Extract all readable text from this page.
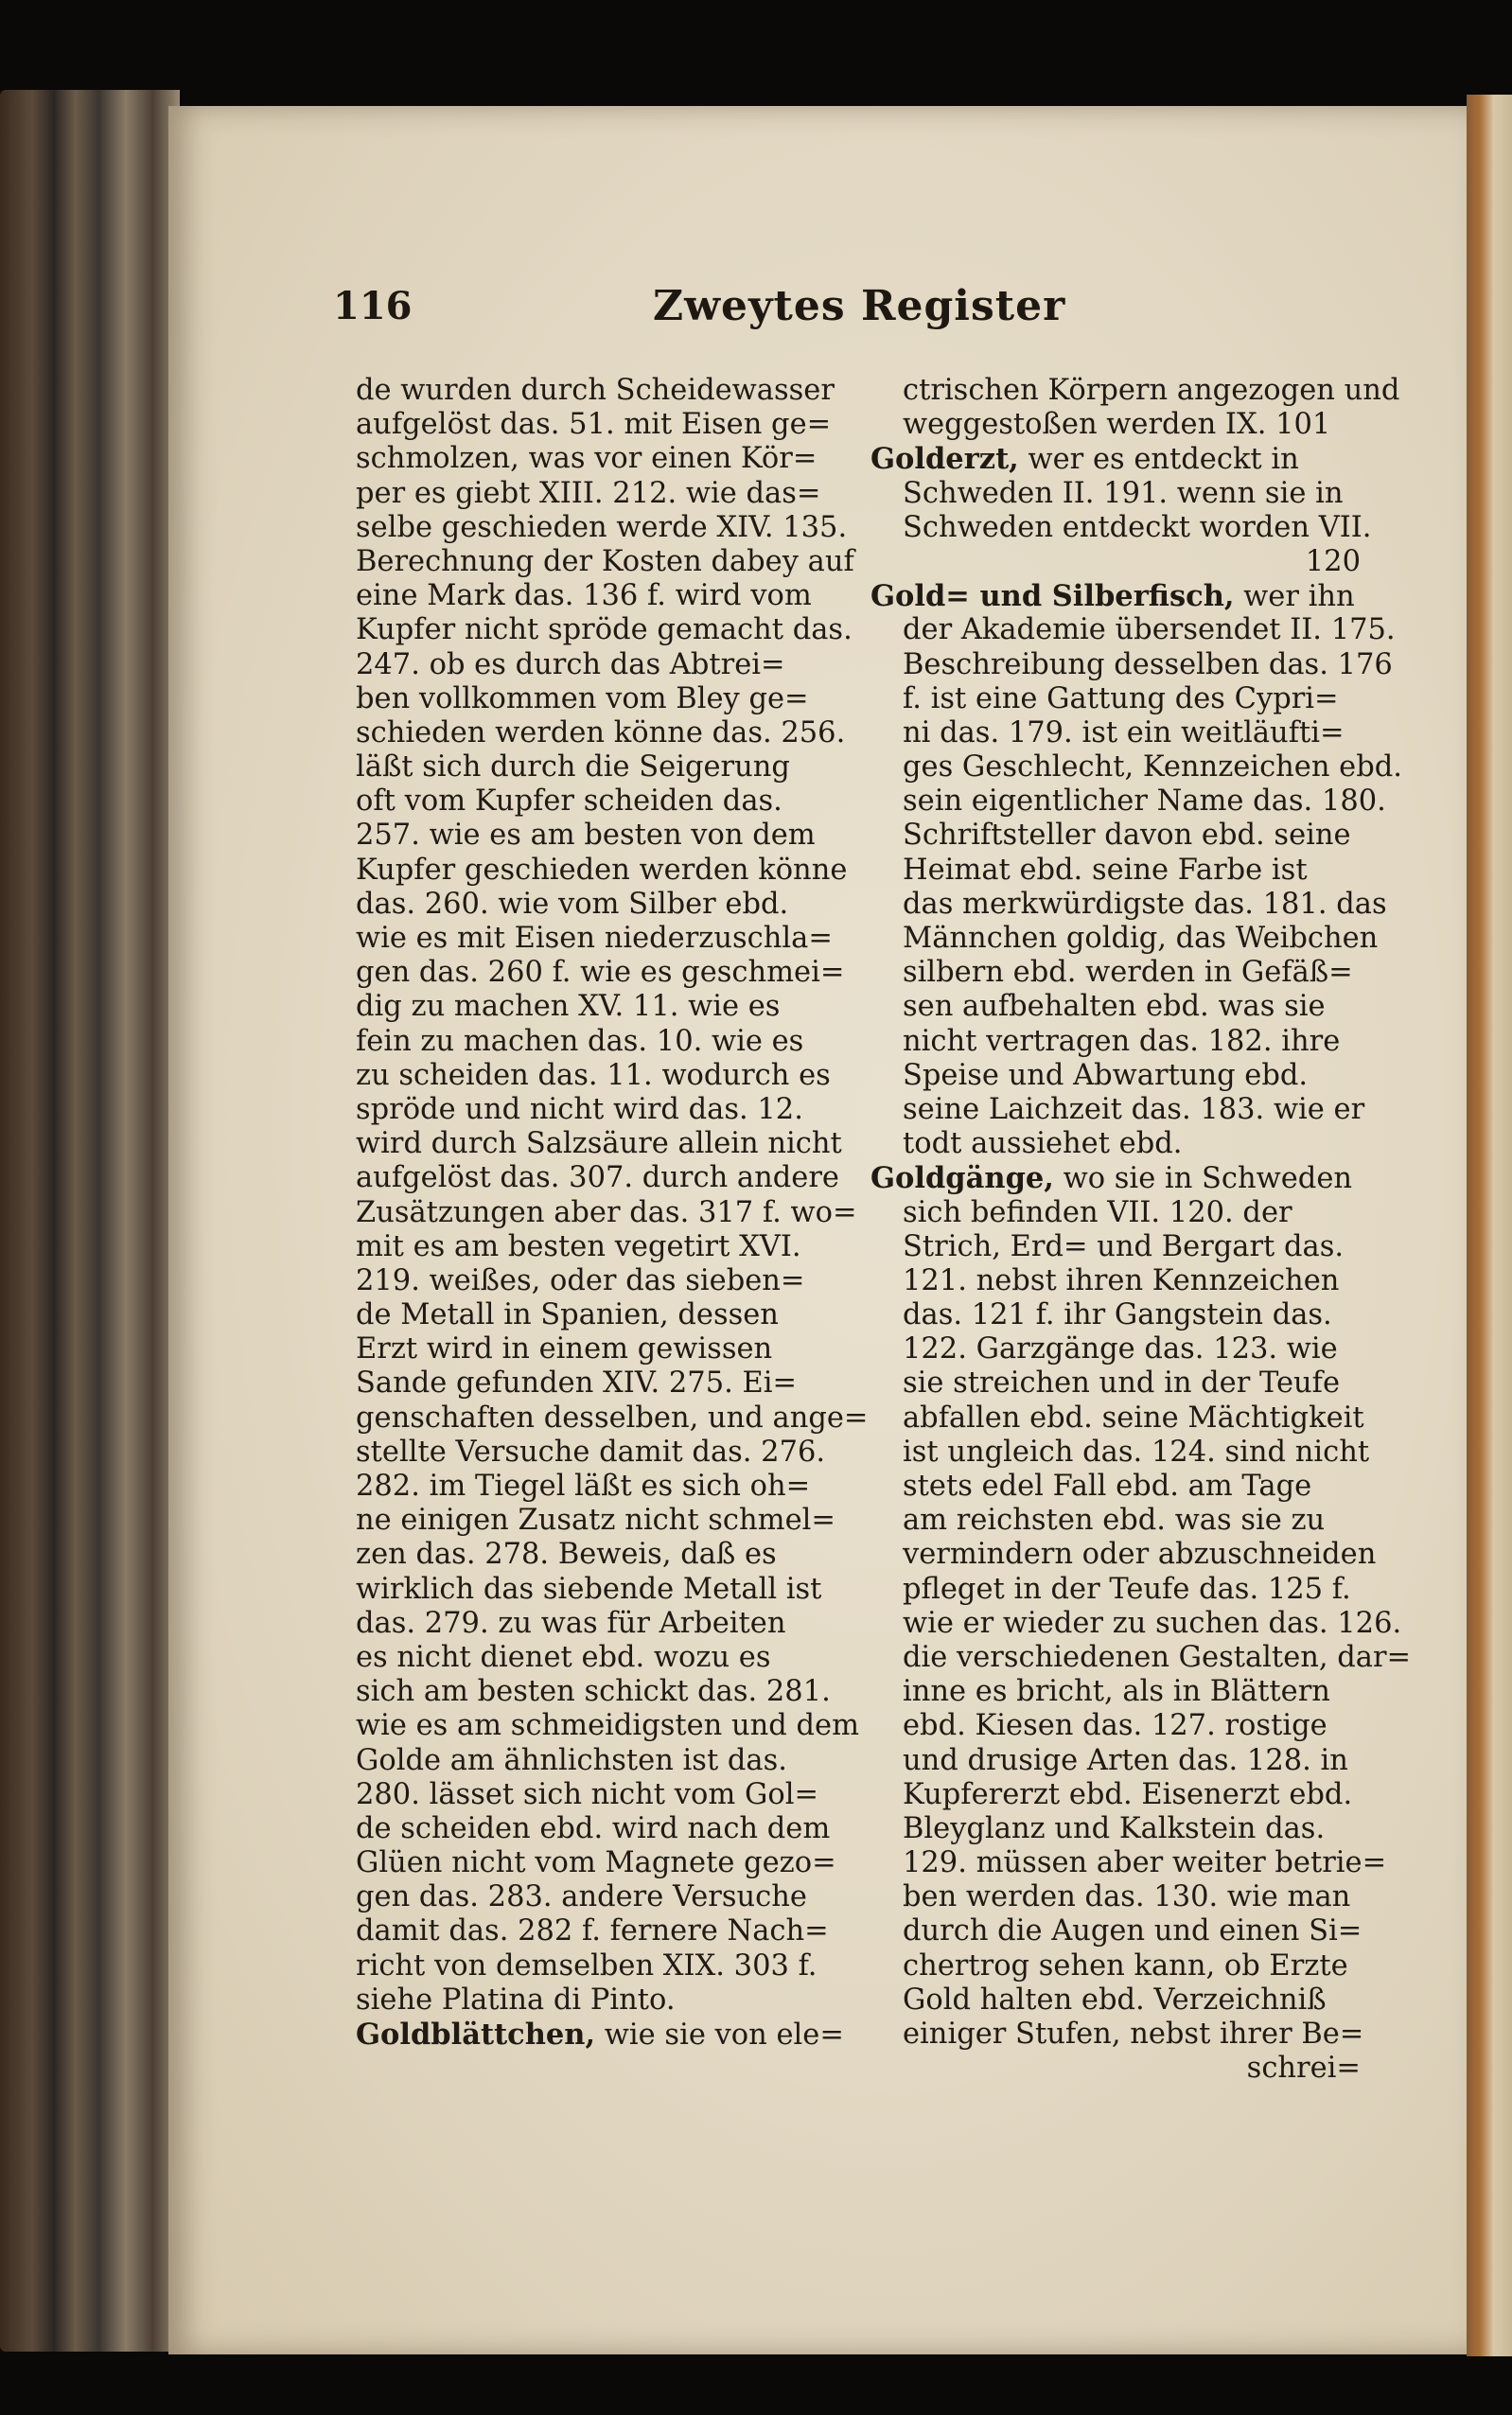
116	Zweytes Register
de wurden durch Scheidewasser
aufgelöst das. 51. mit Eisen ge=
schmolzen, was vor einen Kör=
per es giebt XIII. 212. wie das=
selbe geschieden werde XIV. 135.
Berechnung der Kosten dabey auf
eine Mark das. 136 f. wird vom
Kupfer nicht spröde gemacht das.
247. ob es durch das Abtrei=
ben vollkommen vom Bley ge=
schieden werden könne das. 256.
läßt sich durch die Seigerung
oft vom Kupfer scheiden das.
257. wie es am besten von dem
Kupfer geschieden werden könne
das. 260. wie vom Silber ebd.
wie es mit Eisen niederzuschla=
gen das. 260 f. wie es geschmei=
dig zu machen XV. 11. wie es
fein zu machen das. 10. wie es
zu scheiden das. 11. wodurch es
spröde und nicht wird das. 12.
wird durch Salzsäure allein nicht
aufgelöst das. 307. durch andere
Zusätzungen aber das. 317 f. wo=
mit es am besten vegetirt XVI.
219. weißes, oder das sieben=
de Metall in Spanien, dessen
Erzt wird in einem gewissen
Sande gefunden XIV. 275. Ei=
genschaften desselben, und ange=
stellte Versuche damit das. 276.
282. im Tiegel läßt es sich oh=
ne einigen Zusatz nicht schmel=
zen das. 278. Beweis, daß es
wirklich das siebende Metall ist
das. 279. zu was für Arbeiten
es nicht dienet ebd. wozu es
sich am besten schickt das. 281.
wie es am schmeidigsten und dem
Golde am ähnlichsten ist das.
280. lässet sich nicht vom Gol=
de scheiden ebd. wird nach dem
Glüen nicht vom Magnete gezo=
gen das. 283. andere Versuche
damit das. 282 f. fernere Nach=
richt von demselben XIX. 303 f.
siehe Platina di Pinto.
Goldblättchen, wie sie von ele=
ctrischen Körpern angezogen und
weggestoßen werden IX. 101
Golderzt, wer es entdeckt in
Schweden II. 191. wenn sie in
Schweden entdeckt worden VII.
120
Gold= und Silberfisch, wer ihn
der Akademie übersendet II. 175.
Beschreibung desselben das. 176
f. ist eine Gattung des Cypri=
ni das. 179. ist ein weitläufti=
ges Geschlecht, Kennzeichen ebd.
sein eigentlicher Name das. 180.
Schriftsteller davon ebd. seine
Heimat ebd. seine Farbe ist
das merkwürdigste das. 181. das
Männchen goldig, das Weibchen
silbern ebd. werden in Gefäß=
sen aufbehalten ebd. was sie
nicht vertragen das. 182. ihre
Speise und Abwartung ebd.
seine Laichzeit das. 183. wie er
todt aussiehet ebd.
Goldgänge, wo sie in Schweden
sich befinden VII. 120. der
Strich, Erd= und Bergart das.
121. nebst ihren Kennzeichen
das. 121 f. ihr Gangstein das.
122. Garzgänge das. 123. wie
sie streichen und in der Teufe
abfallen ebd. seine Mächtigkeit
ist ungleich das. 124. sind nicht
stets edel Fall ebd. am Tage
am reichsten ebd. was sie zu
vermindern oder abzuschneiden
pfleget in der Teufe das. 125 f.
wie er wieder zu suchen das. 126.
die verschiedenen Gestalten, dar=
inne es bricht, als in Blättern
ebd. Kiesen das. 127. rostige
und drusige Arten das. 128. in
Kupfererzt ebd. Eisenerzt ebd.
Bleyglanz und Kalkstein das.
129. müssen aber weiter betrie=
ben werden das. 130. wie man
durch die Augen und einen Si=
chertrog sehen kann, ob Erzte
Gold halten ebd. Verzeichniß
einiger Stufen, nebst ihrer Be=
schrei=
